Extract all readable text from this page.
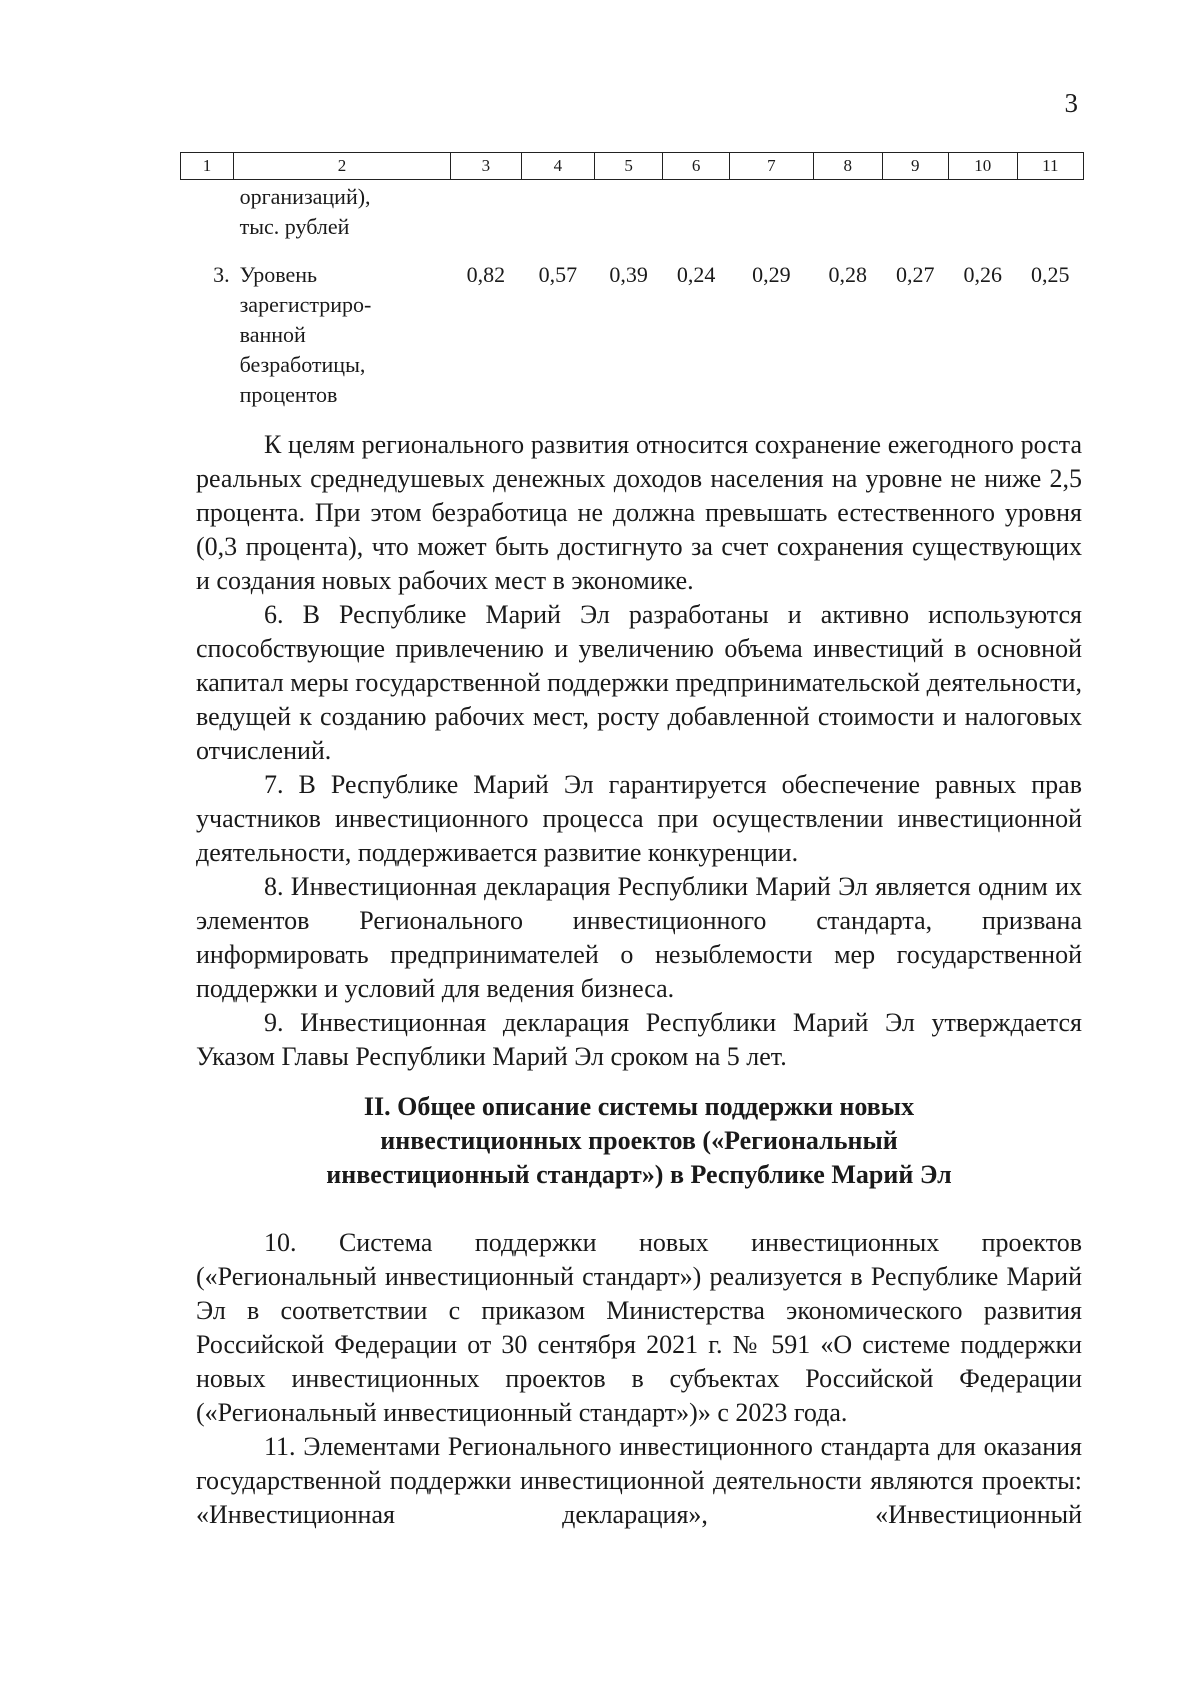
3
1	2	3	4	5	6	7	8	9	10	11

	организаций),
тыс. рублей									

3.	Уровень
зарегистриро-
ванной
безработицы,
процентов	0,82	0,57	0,39	0,24	0,29	0,28	0,27	0,26	0,25

К целям регионального развития относится сохранение ежегодного роста реальных среднедушевых денежных доходов населения на уровне не ниже 2,5 процента. При этом безработица не должна превышать естественного уровня (0,3 процента), что может быть достигнуто за счет сохранения существующих и создания новых рабочих мест в экономике.

6. В Республике Марий Эл разработаны и активно используются способствующие привлечению и увеличению объема инвестиций в основной капитал меры государственной поддержки предпринимательской деятельности, ведущей к созданию рабочих мест, росту добавленной стоимости и налоговых отчислений.

7. В Республике Марий Эл гарантируется обеспечение равных прав участников инвестиционного процесса при осуществлении инвестиционной деятельности, поддерживается развитие конкуренции.

8. Инвестиционная декларация Республики Марий Эл является одним их элементов Регионального инвестиционного стандарта, призвана информировать предпринимателей о незыблемости мер государственной поддержки и условий для ведения бизнеса.

9. Инвестиционная декларация Республики Марий Эл утверждается Указом Главы Республики Марий Эл сроком на 5 лет.

II. Общее описание системы поддержки новых
инвестиционных проектов («Региональный
инвестиционный стандарт») в Республике Марий Эл

10. Система поддержки новых инвестиционных проектов («Региональный инвестиционный стандарт») реализуется в Республике Марий Эл в соответствии с приказом Министерства экономического развития Российской Федерации от 30 сентября 2021 г. № 591 «О системе поддержки новых инвестиционных проектов в субъектах Российской Федерации («Региональный инвестиционный стандарт»)» с 2023 года.

11. Элементами Регионального инвестиционного стандарта для оказания государственной поддержки инвестиционной деятельности являются проекты: «Инвестиционная декларация», «Инвестиционный
